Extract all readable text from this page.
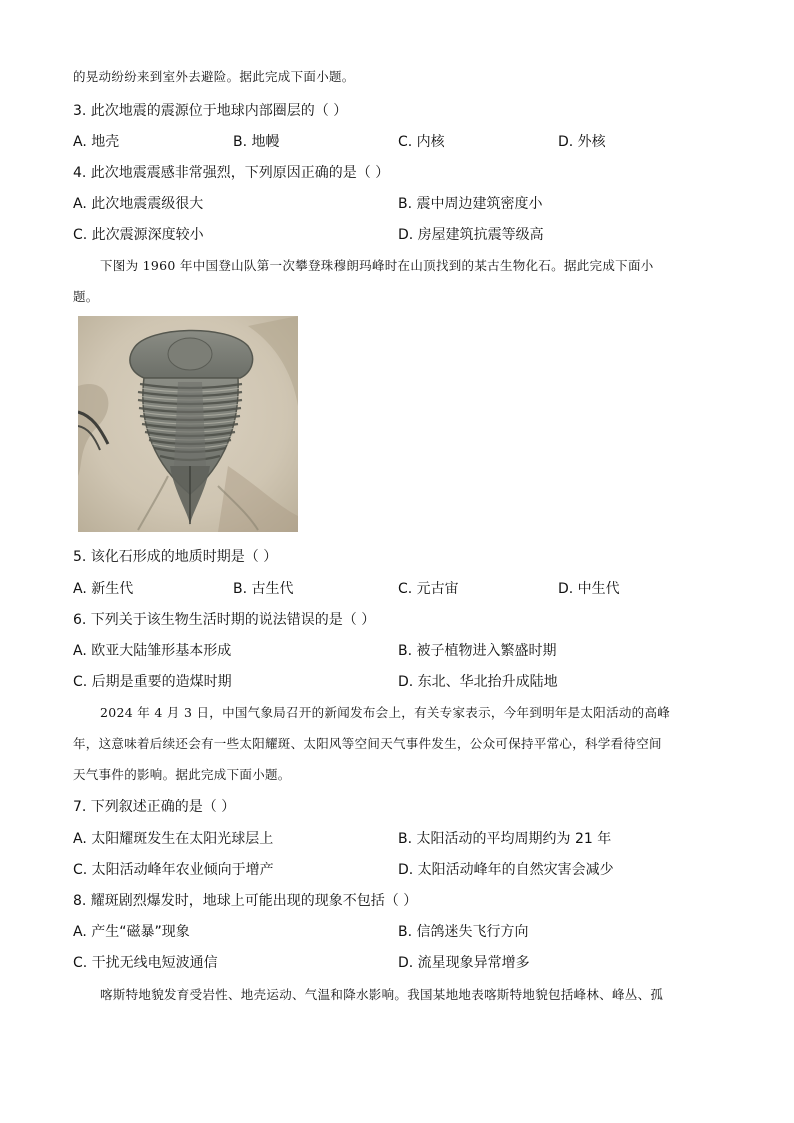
的晃动纷纷来到室外去避险。据此完成下面小题。
3. 此次地震的震源位于地球内部圈层的（ ）
A. 地壳	B. 地幔	C. 内核	D. 外核
4. 此次地震震感非常强烈，下列原因正确的是（ ）
A. 此次地震震级很大	B. 震中周边建筑密度小
C. 此次震源深度较小	D. 房屋建筑抗震等级高
下图为 1960 年中国登山队第一次攀登珠穆朗玛峰时在山顶找到的某古生物化石。据此完成下面小
题。
5. 该化石形成的地质时期是（ ）
A. 新生代	B. 古生代	C. 元古宙	D. 中生代
6. 下列关于该生物生活时期的说法错误的是（ ）
A. 欧亚大陆雏形基本形成	B. 被子植物进入繁盛时期
C. 后期是重要的造煤时期	D. 东北、华北抬升成陆地
2024 年 4 月 3 日，中国气象局召开的新闻发布会上，有关专家表示，今年到明年是太阳活动的高峰
年，这意味着后续还会有一些太阳耀斑、太阳风等空间天气事件发生，公众可保持平常心，科学看待空间
天气事件的影响。据此完成下面小题。
7. 下列叙述正确的是（ ）
A. 太阳耀斑发生在太阳光球层上	B. 太阳活动的平均周期约为 21 年
C. 太阳活动峰年农业倾向于增产	D. 太阳活动峰年的自然灾害会减少
8. 耀斑剧烈爆发时，地球上可能出现的现象不包括（ ）
A. 产生“磁暴”现象	B. 信鸽迷失飞行方向
C. 干扰无线电短波通信	D. 流星现象异常增多
喀斯特地貌发育受岩性、地壳运动、气温和降水影响。我国某地地表喀斯特地貌包括峰林、峰丛、孤
